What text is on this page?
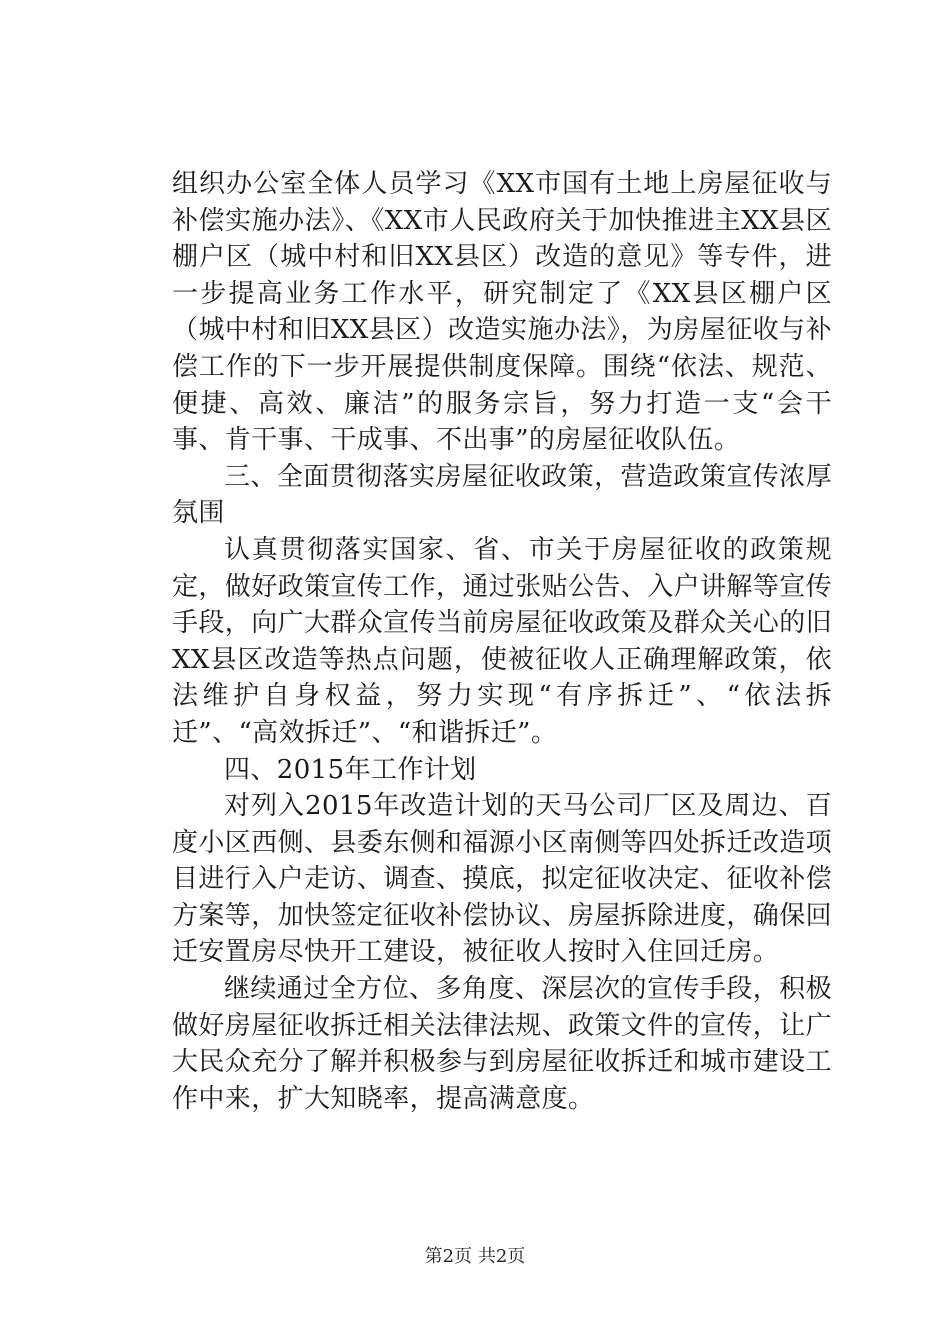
组织办公室全体人员学习《XX市国有土地上房屋征收与补偿实施办法》、《XX市人民政府关于加快推进主XX县区棚户区（城中村和旧XX县区）改造的意见》等专件，进一步提高业务工作水平，研究制定了《XX县区棚户区（城中村和旧XX县区）改造实施办法》，为房屋征收与补偿工作的下一步开展提供制度保障。围绕“依法、规范、便捷、高效、廉洁”的服务宗旨，努力打造一支“会干事、肯干事、干成事、不出事”的房屋征收队伍。

三、全面贯彻落实房屋征收政策，营造政策宣传浓厚氛围

认真贯彻落实国家、省、市关于房屋征收的政策规定，做好政策宣传工作，通过张贴公告、入户讲解等宣传手段，向广大群众宣传当前房屋征收政策及群众关心的旧XX县区改造等热点问题，使被征收人正确理解政策，依法维护自身权益，努力实现“有序拆迁”、“依法拆迁”、“高效拆迁”、“和谐拆迁”。

四、2015年工作计划

对列入2015年改造计划的天马公司厂区及周边、百度小区西侧、县委东侧和福源小区南侧等四处拆迁改造项目进行入户走访、调查、摸底，拟定征收决定、征收补偿方案等，加快签定征收补偿协议、房屋拆除进度，确保回迁安置房尽快开工建设，被征收人按时入住回迁房。

继续通过全方位、多角度、深层次的宣传手段，积极做好房屋征收拆迁相关法律法规、政策文件的宣传，让广大民众充分了解并积极参与到房屋征收拆迁和城市建设工作中来，扩大知晓率，提高满意度。

第2页 共2页
